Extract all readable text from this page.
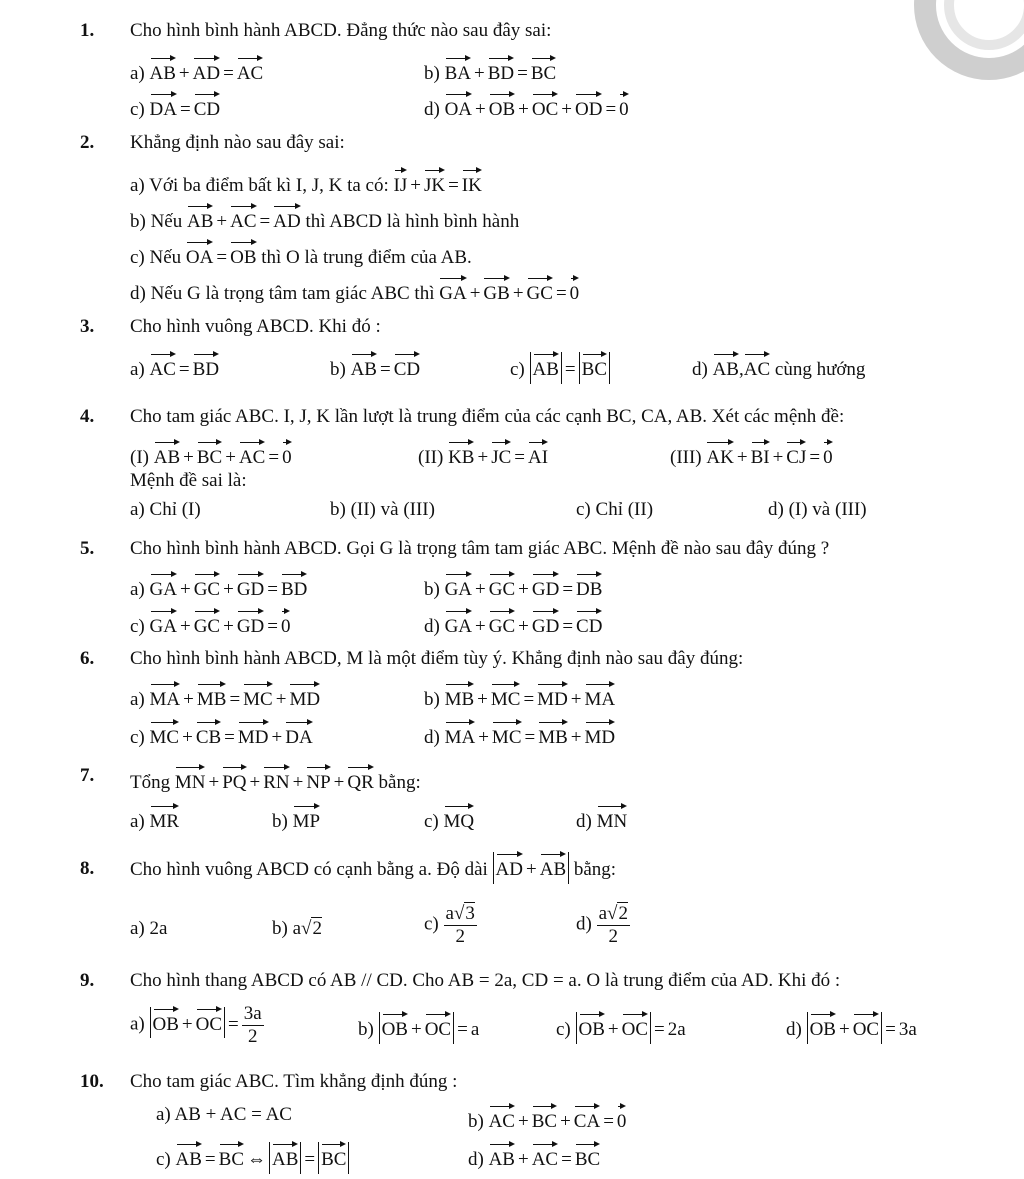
1. Cho hình bình hành ABCD. Đẳng thức nào sau đây sai:
a) AB + AD = AC	b) BA + BD = BC
c) DA = CD	d) OA + OB + OC + OD = 0
2. Khẳng định nào sau đây sai:
a) Với ba điểm bất kì I, J, K ta có: IJ + JK = IK
b) Nếu AB + AC = AD thì ABCD là hình bình hành
c) Nếu OA = OB thì O là trung điểm của AB.
d) Nếu G là trọng tâm tam giác ABC thì GA + GB + GC = 0
3. Cho hình vuông ABCD. Khi đó :
a) AC = BD	b) AB = CD	c) AB = BC	d) AB,AC cùng hướng
4. Cho tam giác ABC. I, J, K lần lượt là trung điểm của các cạnh BC, CA, AB. Xét các mệnh đề:
(I) AB + BC + AC = 0	(II) KB + JC = AI	(III) AK + BI + CJ = 0
Mệnh đề sai là:
a) Chỉ (I)	b) (II) và (III)	c) Chỉ (II)	d) (I) và (III)
5. Cho hình bình hành ABCD. Gọi G là trọng tâm tam giác ABC. Mệnh đề nào sau đây đúng ?
a) GA + GC + GD = BD	b) GA + GC + GD = DB
c) GA + GC + GD = 0	d) GA + GC + GD = CD
6. Cho hình bình hành ABCD, M là một điểm tùy ý. Khẳng định nào sau đây đúng:
a) MA + MB = MC + MD	b) MB + MC = MD + MA
c) MC + CB = MD + DA	d) MA + MC = MB + MD
7. Tổng MN + PQ + RN + NP + QR bằng:
a) MR	b) MP	c) MQ	d) MN
8. Cho hình vuông ABCD có cạnh bằng a. Độ dài AD + AB bằng:
a) 2a	b) a√2	$c) \frac{a√3}{2}$	$d) \frac{a√2}{2}$
9. Cho hình thang ABCD có AB // CD. Cho AB = 2a, CD = a. O là trung điểm của AD. Khi đó :
a) OB + OC = $\frac{3a}{2}$	b) OB + OC = a	c) OB + OC = 2a	d) OB + OC = 3a
10. Cho tam giác ABC. Tìm khẳng định đúng :
a) AB + AC = AC	b) AC + BC + CA = 0
c) AB = BC ⇔ AB = BC	d) AB + AC = BC
